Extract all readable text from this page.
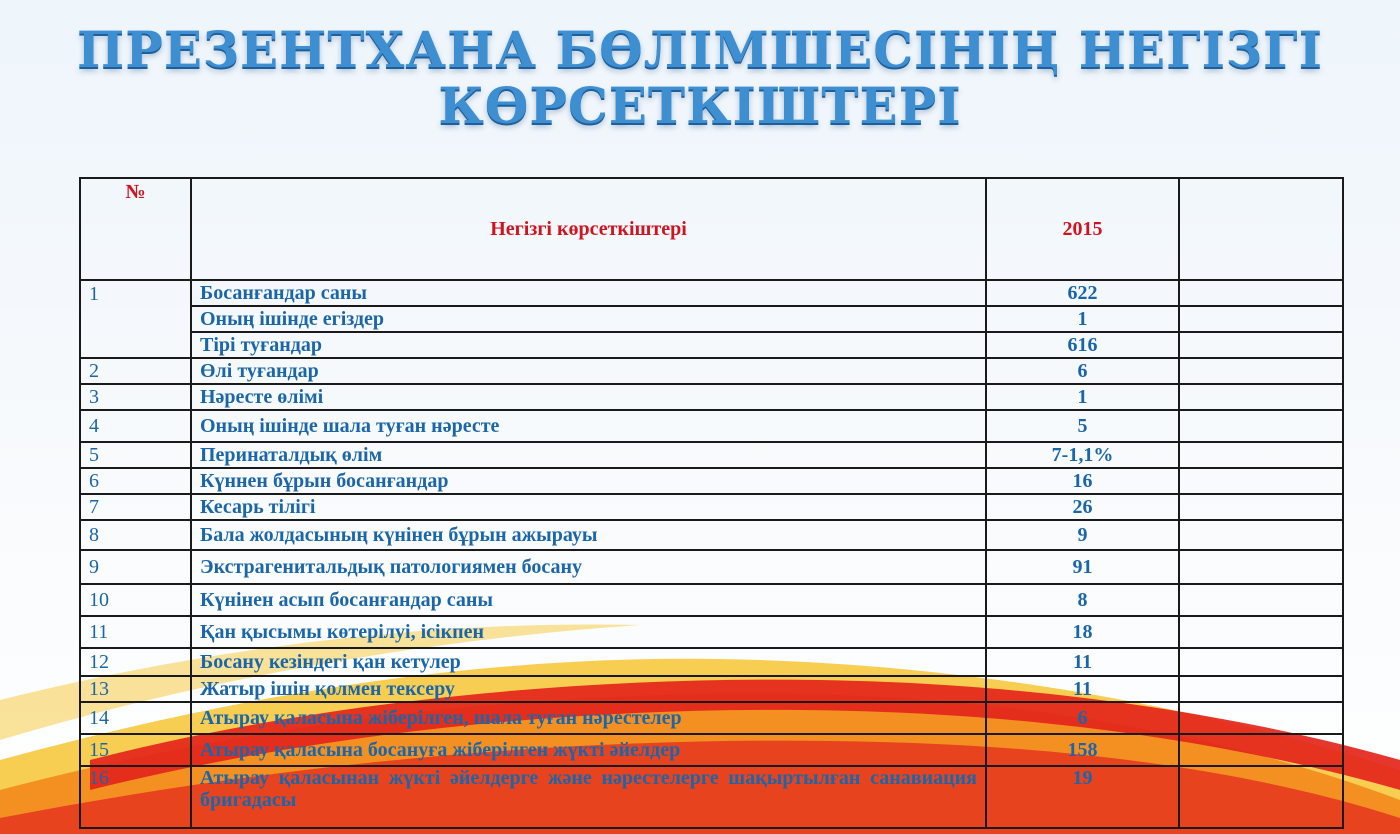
ПРЕЗЕНТХАНА БӨЛІМШЕСІНІҢ НЕГІЗГІ
КӨРСЕТКІШТЕРІ
№	Негізгі көрсеткіштері	2015	
1	Босанғандар саны	622	
	Оның ішінде егіздер	1	
	Тірі туғандар	616	
2	Өлі туғандар	6	
3	Нәресте өлімі	1	
4	Оның ішінде шала туған нәресте	5	
5	Перинаталдық өлім	7-1,1%	
6	Күннен бұрын босанғандар	16	
7	Кесарь тілігі	26	
8	Бала жолдасының күнінен бұрын ажырауы	9	
9	Экстрагенитальдық патологиямен босану	91	
10	Күнінен асып босанғандар саны	8	
11	Қан қысымы көтерілуі, ісікпен	18	
12	Босану кезіндегі қан кетулер	11	
13	Жатыр ішін қолмен тексеру	11	
14	Атырау қаласына жіберілген, шала туған нәрестелер	6	
15	Атырау қаласына босануға жіберілген жүкті әйелдер	158	
16	Атырау қаласынан жүкті әйелдерге және нәрестелерге шақыртылған санавиация бригадасы	19	
